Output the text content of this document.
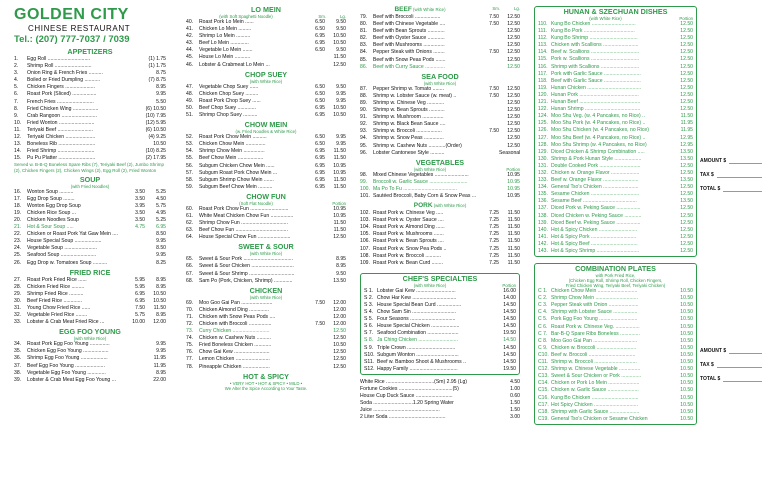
GOLDEN CITY
CHINESE RESTAURANT
Tel.: (207) 777-7037 / 7039
APPETIZERS
1.	Egg Roll ..............................	(1) 1.75
2.	Shrimp Roll ..........................	(1) 1.75
3.	Onion Ring & French Fries ..........	8.75
4.	Boiled or Fried Dumpling ...........	(7) 8.75
5.	Chicken Fingers .....................	8.95
6.	Roast Pork (Sliced) .................	9.95
7.	French Fries ..........................	5.50
8.	Fried Chicken Wing ..................	(6) 10.50
9.	Crab Rangoon .........................	(10) 7.95
10.	Fried Wonton .........................	(12) 5.95
11.	Teriyaki Beef .........................	(6) 10.50
12.	Teriyaki Chicken .....................	(4) 9.25
13.	Boneless Rib ..........................	10.50
14.	Fried Shrimp ..........................	(10) 8.25
15.	Pu Pu Platter ..........................	(2) 17.95
Served w. B-B-Q Boneless Spare Ribs (7), Teriyaki Beef (2), Jumbo Shrimp (2), Chicken Fingers (2), Chicken Wings (2), Egg Roll (2), Fried Wonton
SOUP
(with Fried Noodles)
16.	Wonton Soup ..........	3.50	5.25
17.	Egg Drop Soup ........	3.50	4.50
18.	Wonton Egg Drop Soup	3.95	5.75
19.	Chicken Rice Soup ...	3.50	4.95
20.	Chicken Noodles Soup	3.50	5.25
21.	Hot & Sour Soup .....	4.75	6.95
22.	Chicken or Roast Pork Yat Gaw Mein ....	8.50
23.	House Special Soup ...................	9.95
24.	Vegetable Soup .......................	8.50
25.	Seafood Soup .........................	9.95
26.	Egg Drop w. Tomatoes Soup ..........	8.25
FRIED RICE
27.	Roast Pork Fried Rice ......	5.95	8.95
28.	Chicken Fried Rice .........	5.95	8.95
29.	Shrimp Fried Rice ..........	6.95	10.50
30.	Beef Fried Rice .............	6.95	10.50
31.	Young Chow Fried Rice ......	7.50	11.50
32.	Vegetable Fried Rice ........	5.75	8.95
33.	Lobster & Crab Meat Fried Rice ...	10.00	12.00
EGG FOO YOUNG
(with White Rice)
34.	Roast Pork Egg Foo Young ..............	9.95
35.	Chicken Egg Foo Young ..................	9.95
36.	Shrimp Egg Foo Young ...................	11.95
37.	Beef Egg Foo Young .....................	11.95
38.	Vegetable Egg Foo Young .............	8.95
39.	Lobster & Crab Meat Egg Foo Young ...	22.00
LO MEIN
(with Soft Spaghetti Noodle)	Sm.	Lg.
40.	Roast Pork Lo Mein ......	6.50	9.50
41.	Chicken Lo Mein .........	6.50	9.50
42.	Shrimp Lo Mein ..........	6.95	10.50
43.	Beef Lo Mein .............	6.95	10.50
44.	Vegetable Lo Mein .......	6.50	9.50
45.	House Lo Mein ...........	11.50
46.	Lobster & Crabmeat Lo Mein ...	12.50
CHOP SUEY
(with White Rice)
47.	Vegetable Chop Suey ......	6.50	9.50
48.	Chicken Chop Suey .........	6.50	9.95
49.	Roast Pork Chop Suey ......	6.50	9.95
50.	Beef Chop Suey .............	6.95	10.50
51.	Shrimp Chop Suey ..........	6.95	10.50
CHOW MEIN
(w. Fried Noodles & White Rice)
52.	Roast Pork Chow Mein ..........	6.50	9.95
53.	Chicken Chow Mein ..............	6.50	9.95
54.	Shrimp Chow Mein ...............	6.95	11.50
55.	Beef Chow Mein ..................	6.95	11.50
56.	Subgum Chicken Chow Mein ......	6.95	10.95
57.	Subgum Roast Pork Chow Mein ...	6.95	10.95
58.	Subgum Shrimp Chow Mein .......	6.95	11.50
59.	Subgum Beef Chow Mein ..........	6.95	11.50
CHOW FUN
(Soft Flat Noodle)	Portion
60.	Roast Pork Chow Fun ...........................	10.95
61.	White Meat Chicken Chow Fun ................	10.95
62.	Shrimp Chow Fun .................................	11.50
63.	Beef Chow Fun .....................................	11.50
64.	House Special Chow Fun .......................	12.50
SWEET & SOUR
(with White Rice)
65.	Sweet & Sour Pork ...................................	8.95
66.	Sweet & Sour Chicken ..............................	8.95
67.	Sweet & Sour Shrimp ................................	9.50
68.	Sam Po (Pork, Chicken, Shrimp) .............	13.50
CHICKEN
(with White Rice)
69.	Moo Goo Gai Pan ......................	7.50	12.00
70.	Chicken Almond Ding ..............	12.00
71.	Chicken with Snow Peas Pods ....	12.00
72.	Chicken with Broccoli ................	7.50	12.00
73.	Curry Chicken ..........................	12.50
74.	Chicken w. Cashew Nuts ..........	12.50
75.	Fried Boneless Chicken ............	10.50
76.	Chow Gai Kew .........................	12.50
77.	Lemon Chicken ........................	12.50
78.	Pineapple Chicken ...................	12.50
HOT & SPICY
• VERY HOT • HOT & SPICY • MILD •
We Alter the Spice According to Your Taste.
BEEF (with White Rice)	Sm.	Lg.
79.	Beef with Broccoli ..................	7.50	12.50
80.	Beef with Chinese Vegetable ....	7.50	12.50
81.	Beef with Bean Sprouts ............	12.50
82.	Beef with Oyster Sauce ............	12.50
83.	Beef with Mushrooms ...............	12.50
84.	Pepper Steak with Onions ........	7.50	12.50
85.	Beef with Snow Peas Pods .......	12.50
86.	Beef with Curry Sauce ..............	12.50
SEA FOOD
(with White Rice)
87.	Pepper Shrimp w. Tomato ........	7.50	12.50
88.	Shrimp w. Lobster Sauce (w. meat) ..	7.50	12.50
89.	Shrimp w. Chinese Veg ............	12.50
90.	Shrimp w. Bean Sprouts ...........	12.50
91.	Shrimp w. Mushroom ...............	12.50
92.	Shrimp w. Black Bean Sauce ....	12.50
93.	Shrimp w. Broccoli ..................	7.50	12.50
94.	Shrimp w. Snow Peas ..............	12.50
95.	Shrimp w. Cashew Nuts ............(Order)	12.50
96.	Lobster Cantonese Style ..........	Seasonal
VEGETABLES
(with White Rice)	Portion
98.	Mixed Chinese Vegetables ........................	10.95
99.	Broccoli w. Garlic Sauce ...........................	10.95
100. Ma Po To Fu ......................................	10.95
101. Sautéed Broccoli, Baby Corn & Snow Peas ...	10.95
PORK (with White Rice)
102. Roast Pork w. Chinese Veg .....	7.25	11.50
103. Roast Pork w. Oyster Sauce ....	7.25	11.50
104. Roast Pork w. Almond Ding ......	7.25	11.50
105. Roast Pork w. Mushrooms .......	7.25	11.50
106. Roast Pork w. Bean Sprouts ....	7.25	11.50
107. Roast Pork w. Snow Pea Pods ..	7.25	11.50
108. Roast Pork w. Broccoli ...........	7.25	11.50
109. Roast Pork w. Bean Curd ........	7.25	11.50
CHEF'S SPECIALTIES
(with White Rice)	Portion
S 1. Lobster Gai Kew ............................	16.00
S 2. Chow Har Kew ...............................	14.00
S 3. House Special Bean Curd .................	14.50
S 4. Chow Sam Sin ...............................	14.50
S 5. Four Seasons ................................	14.50
S 6. House Special Chicken ....................	14.50
S 7. Seafood Combination ......................	19.50
S 8. Ja Ching Chicken ............................	14.50
S 9. Triple Crown ..................................	14.50
S10. Subgum Wonton ..............................	14.50
S11. Beef w. Bamboo Shoot & Mushrooms ..	14.50
S12. Happy Family ..................................	19.50
White Rice ..................................(Sm) 2.95 (Lg)	4.50
Fortune Cookies ......................................(5)	1.00
House Cup Duck Sauce ..........................	0.60
Soda ............................1.20 Spring Water	1.50
Juice ...............................................	1.50
2 Liter Soda ........................................	3.00
HUNAN & SZECHUAN DISHES
(with White Rice)	Portion
110. Kung Bo Chicken ...............................	12.50
111. Kung Bo Pork ....................................	12.50
112. Kung Bo Shrimp ..................................	12.50
113. Chicken with Scallions .........................	12.50
114. Beef w. Scallions ..................................	12.50
115. Pork w. Scallions ..................................	12.50
116. Shrimp with Scallions ...........................	12.50
117. Pork with Garlic Sauce ..........................	12.50
118. Beef with Garlic Sauce ..........................	12.50
119. Hunan Chicken ......................................	12.50
120. Hunan Pork ..........................................	12.50
121. Hunan Beef ...........................................	12.50
122. Hunan Shrimp .......................................	12.50
124. Moo Shu Veg. (w. 4 Pancakes, no Rice) ..	11.50
125. Moo Shu Pork (w. 4 Pancakes, no Rice) ..	11.95
126. Moo Shu Chicken (w. 4 Pancakes, no Rice)	11.95
127. Moo Shu Beef (w. 4 Pancakes, no Rice) ..	12.95
128. Moo Shu Shrimp (w. 4 Pancakes, no Rice)	12.95
129. Diced Chicken & Shrimp Combination .....	13.50
130. Shrimp & Pork Hunan Style ...................	13.50
131. Double Cooked Pork .............................	12.50
132. Chicken w. Orange Flavor ....................	12.50
133. Beef w. Orange Flavor .........................	13.50
134. General Tso's Chicken .........................	12.50
135. Sesame Chicken ..................................	12.50
136. Sesame Beef ......................................	13.50
137. Diced Pork w. Peking Sauce .................	12.50
138. Diced Chicken w. Peking Sauce ............	12.50
139. Diced Beef w. Peking Sauce .................	12.50
140. Hot & Spicy Chicken ...........................	12.50
141. Hot & Spicy Pork ................................	12.50
142. Hot & Spicy Beef .................................	12.50
143. Hot & Spicy Shrimp ..............................	12.50
COMBINATION PLATES
with Pork Fried Rice,
(Chicken Egg Roll, Shrimp Roll, Chicken Fingers,
Fried Chicken Wing, Teriyaki Beef, Teriyaki Chicken)
C 1. Chicken Chow Mein ............................	10.50
C 2. Shrimp Chow Mein ..............................	10.50
C 3. Pepper Steak with Onion .....................	10.50
C 4. Shrimp with Lobster Sauce .................	10.50
C 5. Pork Egg Foo Young ...........................	10.50
C 6. Roast Pork w. Chinese Veg. .................	10.50
C 7. Bar-B-Q Spare Ribs Boneless ..............	10.50
C 8. Moo Goo Gai Pan ...............................	10.50
C 9. Chicken w. Broccoli ............................	10.50
C10. Beef w. Broccoli .................................	10.50
C11. Shrimp w. Broccoli ..............................	10.50
C12. Shrimp w. Chinese Vegetable ...............	10.50
C13. Sweet & Sour Chicken or Pork ..............	10.50
C14. Chicken or Pork Lo Mein ......................	10.50
C15. Chicken w. Garlic Sauce ......................	10.50
C16. Kung Bo Chicken .................................	10.50
C17. Hot Spicy Chicken ...............................	10.50
C18. Shrimp with Garlic Sauce .....................	10.50
C19. General Tso's Chicken or Sesame Chicken	10.50
AMOUNT $
TAX $
TOTAL $
AMOUNT $
TAX $
TOTAL $
